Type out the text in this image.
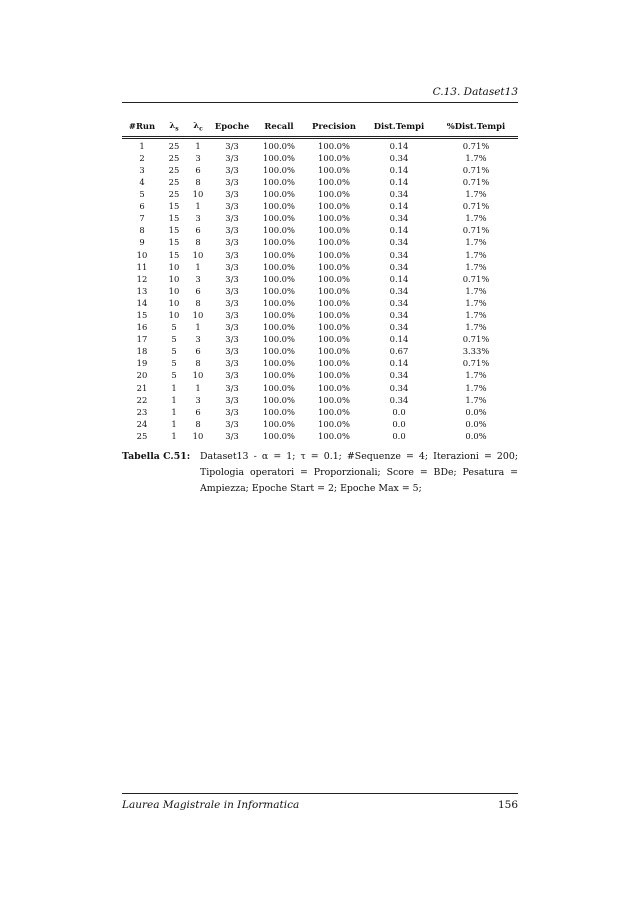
C.13. Dataset13
#Run	$\lambda_s$	$\lambda_c$	Epoche	Recall	Precision	Dist.Tempi	%Dist.Tempi
1	25	1	3/3	100.0%	100.0%	0.14	0.71%
2	25	3	3/3	100.0%	100.0%	0.34	1.7%
3	25	6	3/3	100.0%	100.0%	0.14	0.71%
4	25	8	3/3	100.0%	100.0%	0.14	0.71%
5	25	10	3/3	100.0%	100.0%	0.34	1.7%
6	15	1	3/3	100.0%	100.0%	0.14	0.71%
7	15	3	3/3	100.0%	100.0%	0.34	1.7%
8	15	6	3/3	100.0%	100.0%	0.14	0.71%
9	15	8	3/3	100.0%	100.0%	0.34	1.7%
10	15	10	3/3	100.0%	100.0%	0.34	1.7%
11	10	1	3/3	100.0%	100.0%	0.34	1.7%
12	10	3	3/3	100.0%	100.0%	0.14	0.71%
13	10	6	3/3	100.0%	100.0%	0.34	1.7%
14	10	8	3/3	100.0%	100.0%	0.34	1.7%
15	10	10	3/3	100.0%	100.0%	0.34	1.7%
16	5	1	3/3	100.0%	100.0%	0.34	1.7%
17	5	3	3/3	100.0%	100.0%	0.14	0.71%
18	5	6	3/3	100.0%	100.0%	0.67	3.33%
19	5	8	3/3	100.0%	100.0%	0.14	0.71%
20	5	10	3/3	100.0%	100.0%	0.34	1.7%
21	1	1	3/3	100.0%	100.0%	0.34	1.7%
22	1	3	3/3	100.0%	100.0%	0.34	1.7%
23	1	6	3/3	100.0%	100.0%	0.0	0.0%
24	1	8	3/3	100.0%	100.0%	0.0	0.0%
25	1	10	3/3	100.0%	100.0%	0.0	0.0%
Tabella C.51:	Dataset13 - α = 1; τ = 0.1; #Sequenze = 4; Iterazioni = 200; Tipologia operatori = Proporzionali; Score = BDe; Pesatura = Ampiezza; Epoche Start = 2; Epoche Max = 5;
Laurea Magistrale in Informatica	156
